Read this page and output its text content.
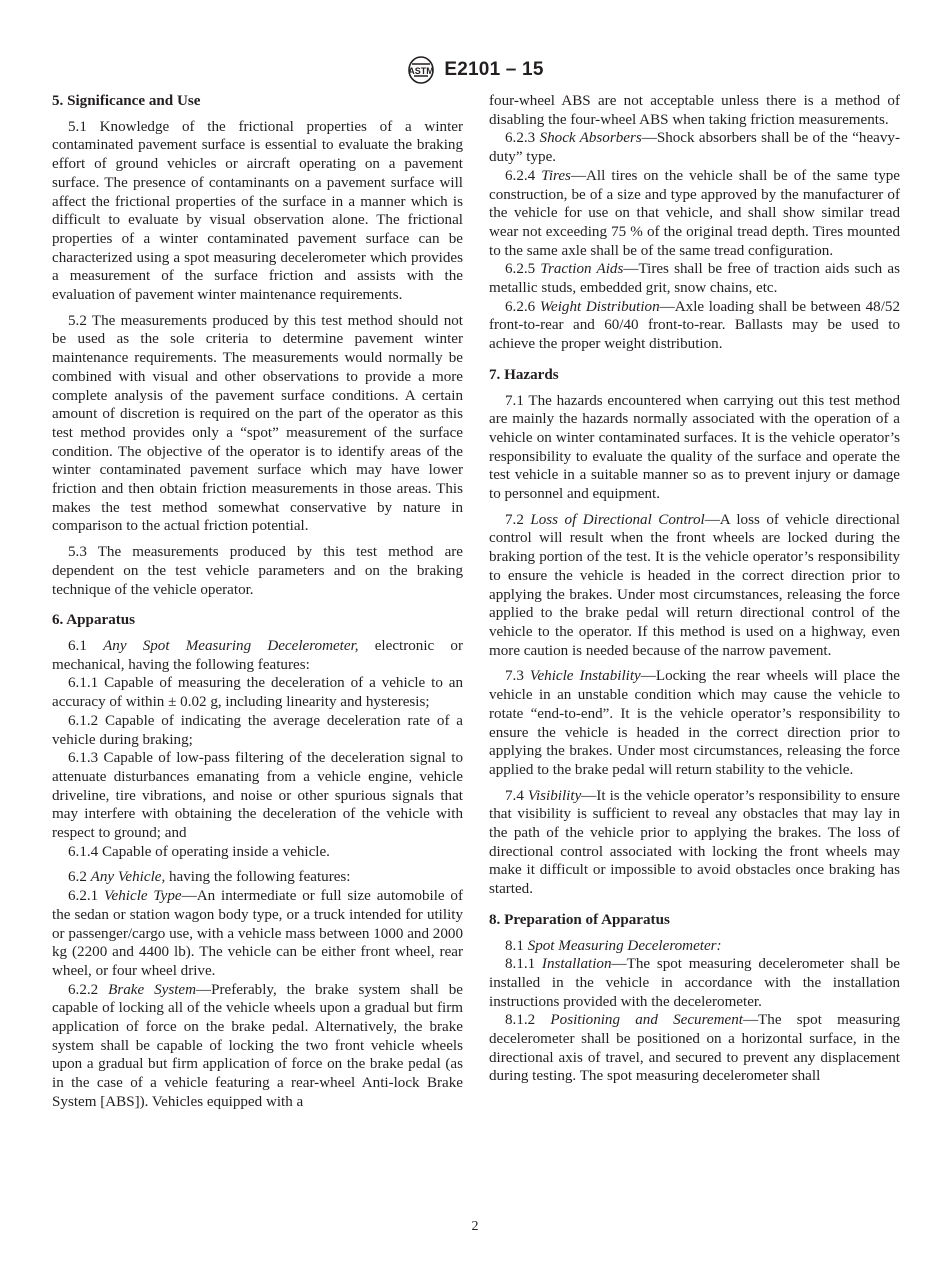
ASTM E2101 – 15
5. Significance and Use

5.1 Knowledge of the frictional properties of a winter contaminated pavement surface is essential to evaluate the braking effort of ground vehicles or aircraft operating on a pavement surface. The presence of contaminants on a pavement surface will affect the frictional properties of the surface in a manner which is difficult to evaluate by visual observation alone. The frictional properties of a winter contaminated pavement surface can be characterized using a spot measuring decelerometer which provides a measurement of the surface friction and assists with the evaluation of pavement winter maintenance requirements.

5.2 The measurements produced by this test method should not be used as the sole criteria to determine pavement winter maintenance requirements. The measurements would normally be combined with visual and other observations to provide a more complete analysis of the pavement surface conditions. A certain amount of discretion is required on the part of the operator as this test method provides only a “spot” measurement of the surface condition. The objective of the operator is to identify areas of the winter contaminated pavement surface which may have lower friction and then obtain friction measurements in those areas. This makes the test method somewhat conservative by nature in comparison to the actual friction potential.

5.3 The measurements produced by this test method are dependent on the test vehicle parameters and on the braking technique of the vehicle operator.

6. Apparatus

6.1 Any Spot Measuring Decelerometer, electronic or mechanical, having the following features:

6.1.1 Capable of measuring the deceleration of a vehicle to an accuracy of within ± 0.02 g, including linearity and hysteresis;

6.1.2 Capable of indicating the average deceleration rate of a vehicle during braking;

6.1.3 Capable of low-pass filtering of the deceleration signal to attenuate disturbances emanating from a vehicle engine, vehicle driveline, tire vibrations, and noise or other spurious signals that may interfere with obtaining the deceleration of the vehicle with respect to ground; and

6.1.4 Capable of operating inside a vehicle.

6.2 Any Vehicle, having the following features:

6.2.1 Vehicle Type—An intermediate or full size automobile of the sedan or station wagon body type, or a truck intended for utility or passenger/cargo use, with a vehicle mass between 1000 and 2000 kg (2200 and 4400 lb). The vehicle can be either front wheel, rear wheel, or four wheel drive.

6.2.2 Brake System—Preferably, the brake system shall be capable of locking all of the vehicle wheels upon a gradual but firm application of force on the brake pedal. Alternatively, the brake system shall be capable of locking the two front vehicle wheels upon a gradual but firm application of force on the brake pedal (as in the case of a vehicle featuring a rear-wheel Anti-lock Brake System [ABS]). Vehicles equipped with a

four-wheel ABS are not acceptable unless there is a method of disabling the four-wheel ABS when taking friction measurements.

6.2.3 Shock Absorbers—Shock absorbers shall be of the “heavy-duty” type.

6.2.4 Tires—All tires on the vehicle shall be of the same type construction, be of a size and type approved by the manufacturer of the vehicle for use on that vehicle, and shall show similar tread wear not exceeding 75 % of the original tread depth. Tires mounted to the same axle shall be of the same tread configuration.

6.2.5 Traction Aids—Tires shall be free of traction aids such as metallic studs, embedded grit, snow chains, etc.

6.2.6 Weight Distribution—Axle loading shall be between 48/52 front-to-rear and 60/40 front-to-rear. Ballasts may be used to achieve the proper weight distribution.

7. Hazards

7.1 The hazards encountered when carrying out this test method are mainly the hazards normally associated with the operation of a vehicle on winter contaminated surfaces. It is the vehicle operator’s responsibility to evaluate the quality of the surface and operate the test vehicle in a suitable manner so as to prevent injury or damage to personnel and equipment.

7.2 Loss of Directional Control—A loss of vehicle directional control will result when the front wheels are locked during the braking portion of the test. It is the vehicle operator’s responsibility to ensure the vehicle is headed in the correct direction prior to applying the brakes. Under most circumstances, releasing the force applied to the brake pedal will return directional control of the vehicle to the operator. If this method is used on a highway, even more caution is needed because of the narrow pavement.

7.3 Vehicle Instability—Locking the rear wheels will place the vehicle in an unstable condition which may cause the vehicle to rotate “end-to-end”. It is the vehicle operator’s responsibility to ensure the vehicle is headed in the correct direction prior to applying the brakes. Under most circumstances, releasing the force applied to the brake pedal will return stability to the vehicle.

7.4 Visibility—It is the vehicle operator’s responsibility to ensure that visibility is sufficient to reveal any obstacles that may lay in the path of the vehicle prior to applying the brakes. The loss of directional control associated with locking the front wheels may make it difficult or impossible to avoid obstacles once braking has started.

8. Preparation of Apparatus

8.1 Spot Measuring Decelerometer:

8.1.1 Installation—The spot measuring decelerometer shall be installed in the vehicle in accordance with the installation instructions provided with the decelerometer.

8.1.2 Positioning and Securement—The spot measuring decelerometer shall be positioned on a horizontal surface, in the directional axis of travel, and secured to prevent any displacement during testing. The spot measuring decelerometer shall

2
